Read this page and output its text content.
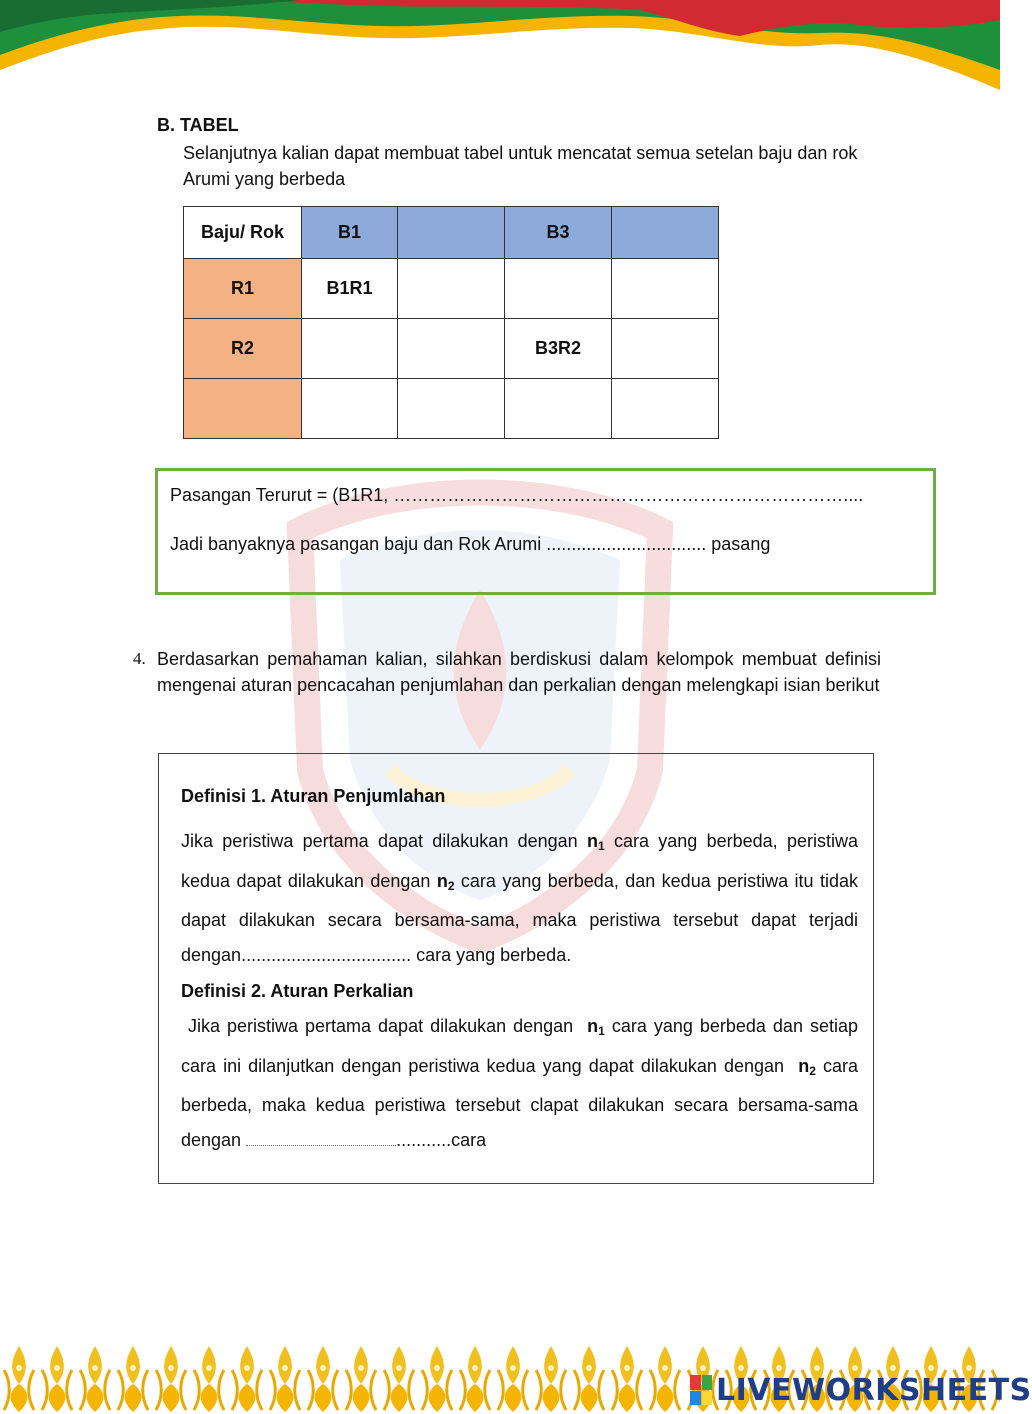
B. TABEL
Selanjutnya kalian dapat membuat tabel untuk mencatat semua setelan baju dan rok Arumi yang berbeda
Baju/ Rok	B1		B3	
R1	B1R1			
R2			B3R2	

Pasangan Terurut = (B1R1, …………………………………………………………………....
Jadi banyaknya pasangan baju dan Rok Arumi ................................ pasang
4. Berdasarkan pemahaman kalian, silahkan berdiskusi dalam kelompok membuat definisi mengenai aturan pencacahan penjumlahan dan perkalian dengan melengkapi isian berikut
Definisi 1. Aturan Penjumlahan
Jika peristiwa pertama dapat dilakukan dengan $n_1$ cara yang berbeda, peristiwa kedua dapat dilakukan dengan $n_2$ cara yang berbeda, dan kedua peristiwa itu tidak dapat dilakukan secara bersama-sama, maka peristiwa tersebut dapat terjadi dengan.................................. cara yang berbeda.
Definisi 2. Aturan Perkalian
Jika peristiwa pertama dapat dilakukan dengan $n_1$ cara yang berbeda dan setiap cara ini dilanjutkan dengan peristiwa kedua yang dapat dilakukan dengan $n_2$ cara berbeda, maka kedua peristiwa tersebut clapat dilakukan secara bersama-sama dengan	...........cara
LIVEWORKSHEETS
